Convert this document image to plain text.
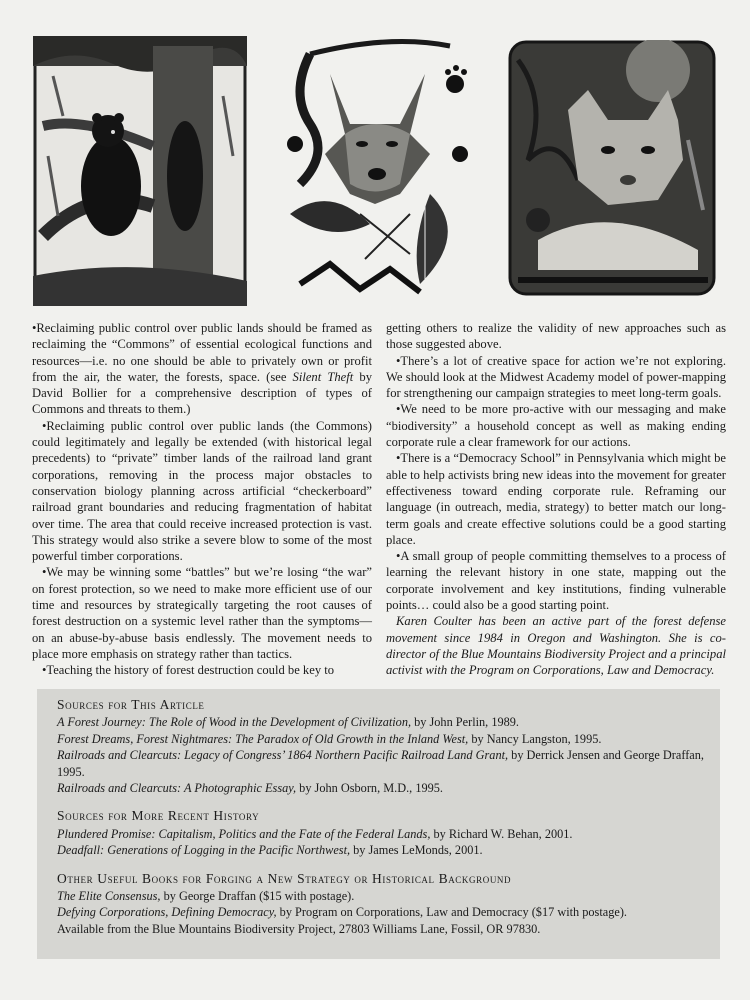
•Reclaiming public control over public lands should be framed as reclaiming the “Commons” of essential ecological functions and resources—i.e. no one should be able to privately own or profit from the air, the water, the forests, space. (see Silent Theft by David Bollier for a comprehensive description of types of Commons and threats to them.)

•Reclaiming public control over public lands (the Commons) could legitimately and legally be extended (with historical legal precedents) to “private” timber lands of the railroad land grant corporations, removing in the process major obstacles to conservation biology planning across artificial “checkerboard” railroad grant boundaries and reducing fragmentation of habitat over time. The area that could receive increased protection is vast. This strategy would also strike a severe blow to some of the most powerful timber corporations.

•We may be winning some “battles” but we’re losing “the war” on forest protection, so we need to make more efficient use of our time and resources by strategically targeting the root causes of forest destruction on a systemic level rather than the symptoms—on an abuse-by-abuse basis endlessly. The movement needs to place more emphasis on strategy rather than tactics.

•Teaching the history of forest destruction could be key to

getting others to realize the validity of new approaches such as those suggested above.

•There’s a lot of creative space for action we’re not exploring. We should look at the Midwest Academy model of power-mapping for strengthening our campaign strategies to meet long-term goals.

•We need to be more pro-active with our messaging and make “biodiversity” a household concept as well as making ending corporate rule a clear framework for our actions.

•There is a “Democracy School” in Pennsylvania which might be able to help activists bring new ideas into the movement for greater effectiveness toward ending corporate rule. Reframing our language (in outreach, media, strategy) to better match our long-term goals and create effective solutions could be a good starting place.

•A small group of people committing themselves to a process of learning the relevant history in one state, mapping out the corporate involvement and key institutions, finding vulnerable points… could also be a good starting point.

Karen Coulter has been an active part of the forest defense movement since 1984 in Oregon and Washington. She is co-director of the Blue Mountains Biodiversity Project and a principal activist with the Program on Corporations, Law and Democracy.

Sources for This Article

A Forest Journey: The Role of Wood in the Development of Civilization, by John Perlin, 1989.

Forest Dreams, Forest Nightmares: The Paradox of Old Growth in the Inland West, by Nancy Langston, 1995.

Railroads and Clearcuts: Legacy of Congress’ 1864 Northern Pacific Railroad Land Grant, by Derrick Jensen and George Draffan, 1995.

Railroads and Clearcuts: A Photographic Essay, by John Osborn, M.D., 1995.

Sources for More Recent History

Plundered Promise: Capitalism, Politics and the Fate of the Federal Lands, by Richard W. Behan, 2001.

Deadfall: Generations of Logging in the Pacific Northwest, by James LeMonds, 2001.

Other Useful Books for Forging a New Strategy or Historical Background

The Elite Consensus, by George Draffan ($15 with postage).

Defying Corporations, Defining Democracy, by Program on Corporations, Law and Democracy ($17 with postage).

Available from the Blue Mountains Biodiversity Project, 27803 Williams Lane, Fossil, OR 97830.
